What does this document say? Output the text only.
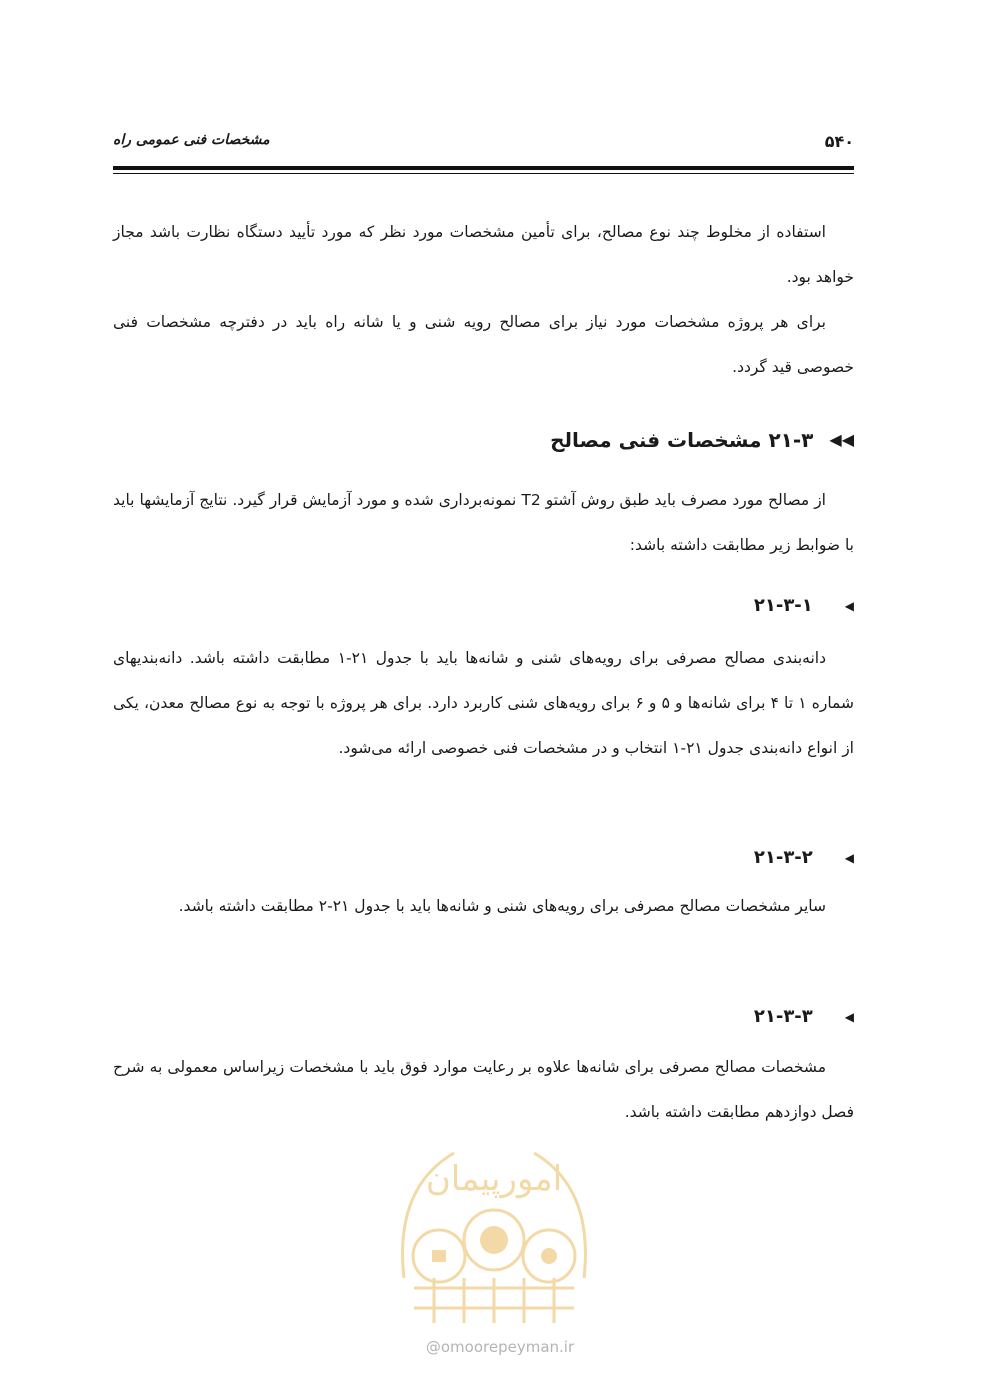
مشخصات فنی عمومی راه	۵۴۰

استفاده از مخلوط چند نوع مصالح، برای تأمین مشخصات مورد نظر که مورد تأیید دستگاه نظارت باشد مجاز خواهد بود.

برای هر پروژه مشخصات مورد نیاز برای مصالح رویه شنی و یا شانه راه باید در دفترچه مشخصات فنی خصوصی قید گردد.

◀◀
۲۱-۳ مشخصات فنی مصالح

از مصالح مورد مصرف باید طبق روش آشتو T2 نمونه‌برداری شده و مورد آزمایش قرار گیرد. نتایج آزمایشها باید با ضوابط زیر مطابقت داشته باشد:

◀
۲۱-۳-۱

دانه‌بندی مصالح مصرفی برای رویه‌های شنی و شانه‌ها باید با جدول ۲۱-۱ مطابقت داشته باشد. دانه‌بندیهای شماره ۱ تا ۴ برای شانه‌ها و ۵ و ۶ برای رویه‌های شنی کاربرد دارد. برای هر پروژه با توجه به نوع مصالح معدن، یکی از انواع دانه‌بندی جدول ۲۱-۱ انتخاب و در مشخصات فنی خصوصی ارائه می‌شود.

◀
۲۱-۳-۲

سایر مشخصات مصالح مصرفی برای رویه‌های شنی و شانه‌ها باید با جدول ۲۱-۲ مطابقت داشته باشد.

◀
۲۱-۳-۳

مشخصات مصالح مصرفی برای شانه‌ها علاوه بر رعایت موارد فوق باید با مشخصات زیراساس معمولی به شرح فصل دوازدهم مطابقت داشته باشد.

امورپیمان
@omoorepeyman.ir
